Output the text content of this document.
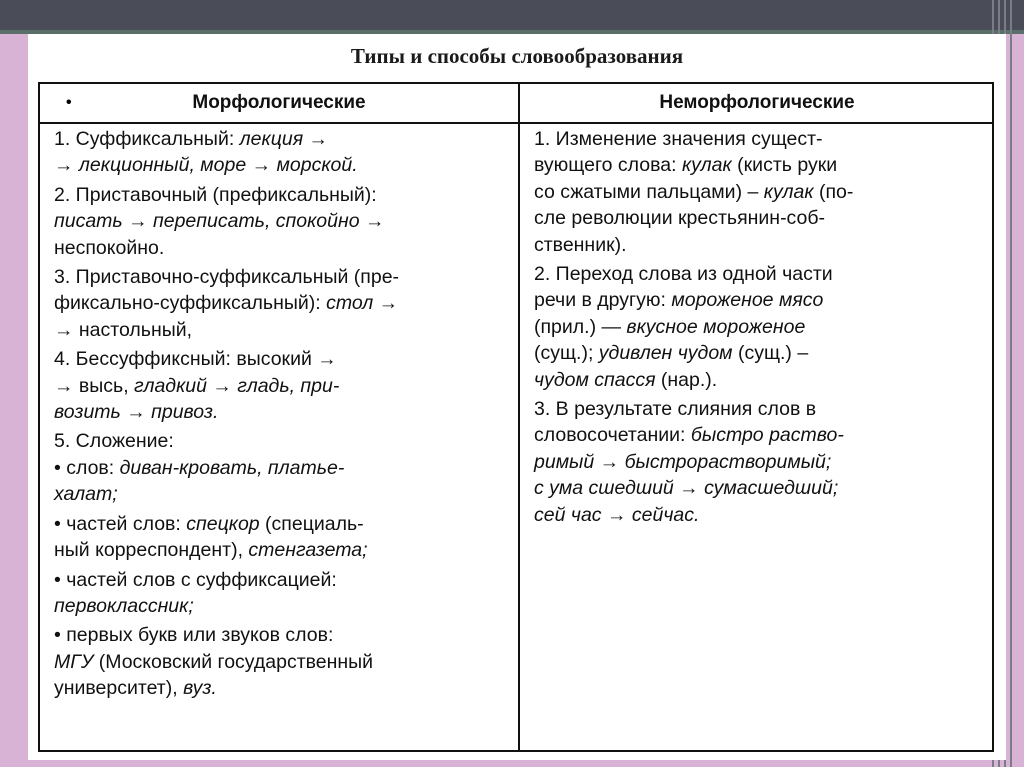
Типы и способы словообразования
•	Морфологические	Неморфологические

1. Суффиксальный: лекция →

→ лекционный, море → морской.

2. Приставочный (префиксальный):

писать → переписать, спокойно →

неспокойно.

3. Приставочно-суффиксальный (пре-

фиксально-суффиксальный): стол →

→ настольный,

4. Бессуффиксный: высокий →

→ высь, гладкий → гладь, при-

возить → привоз.

5. Сложение:

• слов: диван-кровать, платье-

халат;

• частей слов: спецкор (специаль-

ный корреспондент), стенгазета;

• частей слов с суффиксацией:

первоклассник;

• первых букв или звуков слов:

МГУ (Московский государственный

университет), вуз.

1. Изменение значения сущест-

вующего слова: кулак (кисть руки

со сжатыми пальцами) – кулак (по-

сле революции крестьянин-соб-

ственник).

2. Переход слова из одной части

речи в другую: мороженое мясо

(прил.) — вкусное мороженое

(сущ.); удивлен чудом (сущ.) –

чудом спасся (нар.).

3. В результате слияния слов в

словосочетании: быстро раство-

римый → быстрорастворимый;

с ума сшедший → сумасшедший;

сей час → сейчас.
